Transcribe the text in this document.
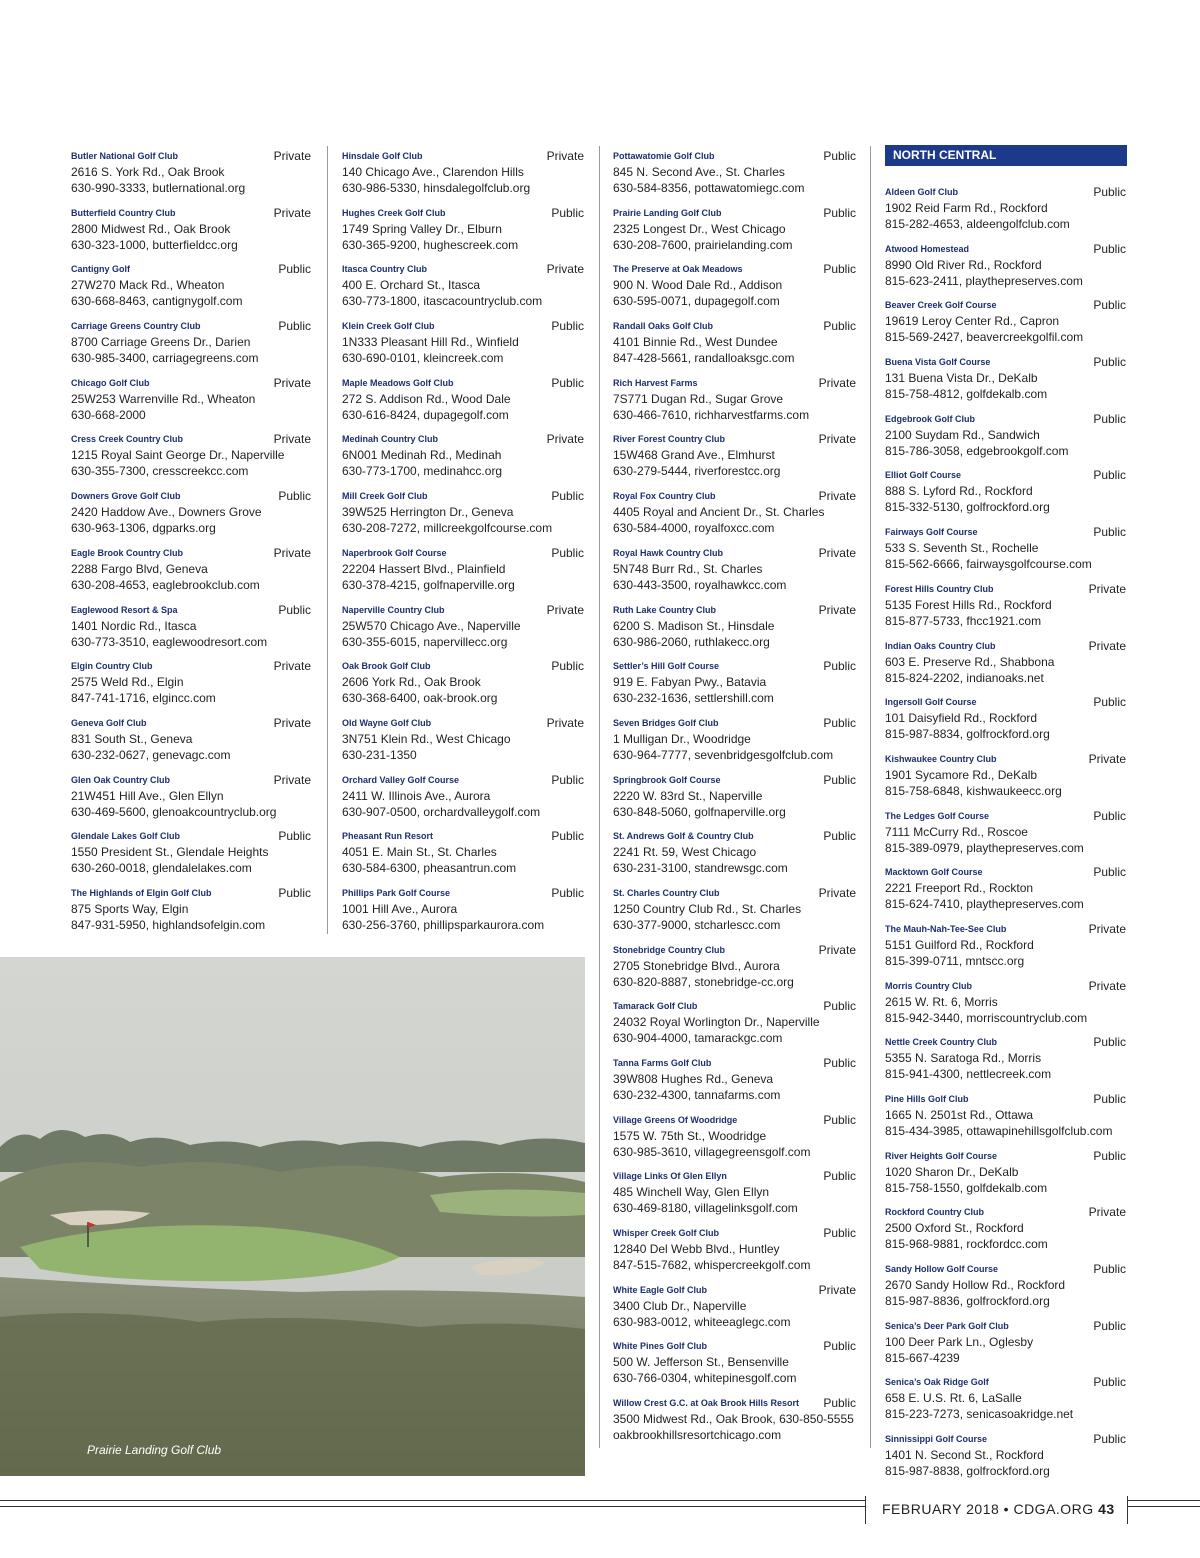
NORTH CENTRAL
Butler National Golf Club	Private
2616 S. York Rd., Oak Brook
630-990-3333, butlernational.org
Butterfield Country Club	Private
2800 Midwest Rd., Oak Brook
630-323-1000, butterfieldcc.org
Cantigny Golf	Public
27W270 Mack Rd., Wheaton
630-668-8463, cantignygolf.com
Carriage Greens Country Club	Public
8700 Carriage Greens Dr., Darien
630-985-3400, carriagegreens.com
Chicago Golf Club	Private
25W253 Warrenville Rd., Wheaton
630-668-2000
Cress Creek Country Club	Private
1215 Royal Saint George Dr., Naperville
630-355-7300, cresscreekcc.com
Downers Grove Golf Club	Public
2420 Haddow Ave., Downers Grove
630-963-1306, dgparks.org
Eagle Brook Country Club	Private
2288 Fargo Blvd, Geneva
630-208-4653, eaglebrookclub.com
Eaglewood Resort & Spa	Public
1401 Nordic Rd., Itasca
630-773-3510, eaglewoodresort.com
Elgin Country Club	Private
2575 Weld Rd., Elgin
847-741-1716, elgincc.com
Geneva Golf Club	Private
831 South St., Geneva
630-232-0627, genevagc.com
Glen Oak Country Club	Private
21W451 Hill Ave., Glen Ellyn
630-469-5600, glenoakcountryclub.org
Glendale Lakes Golf Club	Public
1550 President St., Glendale Heights
630-260-0018, glendalelakes.com
The Highlands of Elgin Golf Club	Public
875 Sports Way, Elgin
847-931-5950, highlandsofelgin.com
Hinsdale Golf Club	Private
140 Chicago Ave., Clarendon Hills
630-986-5330, hinsdalegolfclub.org
Hughes Creek Golf Club	Public
1749 Spring Valley Dr., Elburn
630-365-9200, hughescreek.com
Itasca Country Club	Private
400 E. Orchard St., Itasca
630-773-1800, itascacountryclub.com
Klein Creek Golf Club	Public
1N333 Pleasant Hill Rd., Winfield
630-690-0101, kleincreek.com
Maple Meadows Golf Club	Public
272 S. Addison Rd., Wood Dale
630-616-8424, dupagegolf.com
Medinah Country Club	Private
6N001 Medinah Rd., Medinah
630-773-1700, medinahcc.org
Mill Creek Golf Club	Public
39W525 Herrington Dr., Geneva
630-208-7272, millcreekgolfcourse.com
Naperbrook Golf Course	Public
22204 Hassert Blvd., Plainfield
630-378-4215, golfnaperville.org
Naperville Country Club	Private
25W570 Chicago Ave., Naperville
630-355-6015, napervillecc.org
Oak Brook Golf Club	Public
2606 York Rd., Oak Brook
630-368-6400, oak-brook.org
Old Wayne Golf Club	Private
3N751 Klein Rd., West Chicago
630-231-1350
Orchard Valley Golf Course	Public
2411 W. Illinois Ave., Aurora
630-907-0500, orchardvalleygolf.com
Pheasant Run Resort	Public
4051 E. Main St., St. Charles
630-584-6300, pheasantrun.com
Phillips Park Golf Course	Public
1001 Hill Ave., Aurora
630-256-3760, phillipsparkaurora.com
Pottawatomie Golf Club	Public
845 N. Second Ave., St. Charles
630-584-8356, pottawatomiegc.com
Prairie Landing Golf Club	Public
2325 Longest Dr., West Chicago
630-208-7600, prairielanding.com
The Preserve at Oak Meadows	Public
900 N. Wood Dale Rd., Addison
630-595-0071, dupagegolf.com
Randall Oaks Golf Club	Public
4101 Binnie Rd., West Dundee
847-428-5661, randalloaksgc.com
Rich Harvest Farms	Private
7S771 Dugan Rd., Sugar Grove
630-466-7610, richharvestfarms.com
River Forest Country Club	Private
15W468 Grand Ave., Elmhurst
630-279-5444, riverforestcc.org
Royal Fox Country Club	Private
4405 Royal and Ancient Dr., St. Charles
630-584-4000, royalfoxcc.com
Royal Hawk Country Club	Private
5N748 Burr Rd., St. Charles
630-443-3500, royalhawkcc.com
Ruth Lake Country Club	Private
6200 S. Madison St., Hinsdale
630-986-2060, ruthlakecc.org
Settler’s Hill Golf Course	Public
919 E. Fabyan Pwy., Batavia
630-232-1636, settlershill.com
Seven Bridges Golf Club	Public
1 Mulligan Dr., Woodridge
630-964-7777, sevenbridgesgolfclub.com
Springbrook Golf Course	Public
2220 W. 83rd St., Naperville
630-848-5060, golfnaperville.org
St. Andrews Golf & Country Club	Public
2241 Rt. 59, West Chicago
630-231-3100, standrewsgc.com
St. Charles Country Club	Private
1250 Country Club Rd., St. Charles
630-377-9000, stcharlescc.com
Stonebridge Country Club	Private
2705 Stonebridge Blvd., Aurora
630-820-8887, stonebridge-cc.org
Tamarack Golf Club	Public
24032 Royal Worlington Dr., Naperville
630-904-4000, tamarackgc.com
Tanna Farms Golf Club	Public
39W808 Hughes Rd., Geneva
630-232-4300, tannafarms.com
Village Greens Of Woodridge	Public
1575 W. 75th St., Woodridge
630-985-3610, villagegreensgolf.com
Village Links Of Glen Ellyn	Public
485 Winchell Way, Glen Ellyn
630-469-8180, villagelinksgolf.com
Whisper Creek Golf Club	Public
12840 Del Webb Blvd., Huntley
847-515-7682, whispercreekgolf.com
White Eagle Golf Club	Private
3400 Club Dr., Naperville
630-983-0012, whiteeaglegc.com
White Pines Golf Club	Public
500 W. Jefferson St., Bensenville
630-766-0304, whitepinesgolf.com
Willow Crest G.C. at Oak Brook Hills Resort	Public
3500 Midwest Rd., Oak Brook, 630-850-5555
oakbrookhillsresortchicago.com
Aldeen Golf Club	Public
1902 Reid Farm Rd., Rockford
815-282-4653, aldeengolfclub.com
Atwood Homestead	Public
8990 Old River Rd., Rockford
815-623-2411, playthepreserves.com
Beaver Creek Golf Course	Public
19619 Leroy Center Rd., Capron
815-569-2427, beavercreekgolfil.com
Buena Vista Golf Course	Public
131 Buena Vista Dr., DeKalb
815-758-4812, golfdekalb.com
Edgebrook Golf Club	Public
2100 Suydam Rd., Sandwich
815-786-3058, edgebrookgolf.com
Elliot Golf Course	Public
888 S. Lyford Rd., Rockford
815-332-5130, golfrockford.org
Fairways Golf Course	Public
533 S. Seventh St., Rochelle
815-562-6666, fairwaysgolfcourse.com
Forest Hills Country Club	Private
5135 Forest Hills Rd., Rockford
815-877-5733, fhcc1921.com
Indian Oaks Country Club	Private
603 E. Preserve Rd., Shabbona
815-824-2202, indianoaks.net
Ingersoll Golf Course	Public
101 Daisyfield Rd., Rockford
815-987-8834, golfrockford.org
Kishwaukee Country Club	Private
1901 Sycamore Rd., DeKalb
815-758-6848, kishwaukeecc.org
The Ledges Golf Course	Public
7111 McCurry Rd., Roscoe
815-389-0979, playthepreserves.com
Macktown Golf Course	Public
2221 Freeport Rd., Rockton
815-624-7410, playthepreserves.com
The Mauh-Nah-Tee-See Club	Private
5151 Guilford Rd., Rockford
815-399-0711, mntscc.org
Morris Country Club	Private
2615 W. Rt. 6, Morris
815-942-3440, morriscountryclub.com
Nettle Creek Country Club	Public
5355 N. Saratoga Rd., Morris
815-941-4300, nettlecreek.com
Pine Hills Golf Club	Public
1665 N. 2501st Rd., Ottawa
815-434-3985, ottawapinehillsgolfclub.com
River Heights Golf Course	Public
1020 Sharon Dr., DeKalb
815-758-1550, golfdekalb.com
Rockford Country Club	Private
2500 Oxford St., Rockford
815-968-9881, rockfordcc.com
Sandy Hollow Golf Course	Public
2670 Sandy Hollow Rd., Rockford
815-987-8836, golfrockford.org
Senica’s Deer Park Golf Club	Public
100 Deer Park Ln., Oglesby
815-667-4239
Senica’s Oak Ridge Golf	Public
658 E. U.S. Rt. 6, LaSalle
815-223-7273, senicasoakridge.net
Sinnissippi Golf Course	Public
1401 N. Second St., Rockford
815-987-8838, golfrockford.org
Prairie Landing Golf Club
FEBRUARY 2018 • CDGA.ORG 43
